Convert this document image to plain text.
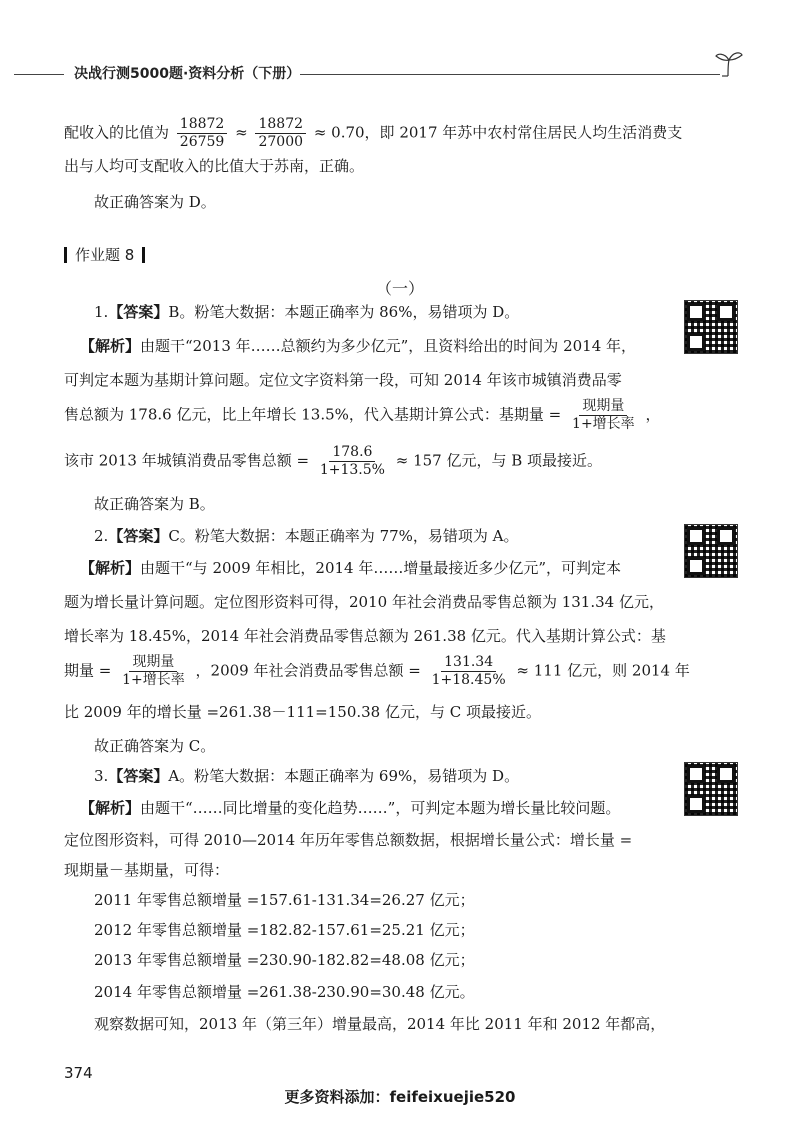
决战行测5000题·资料分析（下册）
配收入的比值为 $\frac{18872}{26759} \approx \frac{18872}{27000} \approx 0.70$，即 2017 年苏中农村常住居民人均生活消费支
出与人均可支配收入的比值大于苏南，正确。
故正确答案为 D。
作业题 8
（一）
1.【答案】B。粉笔大数据：本题正确率为 86%，易错项为 D。
【解析】由题干“2013 年……总额约为多少亿元”，且资料给出的时间为 2014 年，
可判定本题为基期计算问题。定位文字资料第一段，可知 2014 年该市城镇消费品零
售总额为 178.6 亿元，比上年增长 13.5%，代入基期计算公式：基期量 = $\frac{\text{现期量}}{\text{1+增长率}}$ ，
该市 2013 年城镇消费品零售总额 = $\frac{178.6}{1+13.5\%} \approx 157$ 亿元，与 B 项最接近。
故正确答案为 B。
2.【答案】C。粉笔大数据：本题正确率为 77%，易错项为 A。
【解析】由题干“与 2009 年相比，2014 年……增量最接近多少亿元”，可判定本
题为增长量计算问题。定位图形资料可得，2010 年社会消费品零售总额为 131.34 亿元，
增长率为 18.45%，2014 年社会消费品零售总额为 261.38 亿元。代入基期计算公式：基
期量 = $\frac{\text{现期量}}{\text{1+增长率}}$ ，2009 年社会消费品零售总额 = $\frac{131.34}{1+18.45\%} \approx 111$ 亿元，则 2014 年
比 2009 年的增长量 =261.38－111=150.38 亿元，与 C 项最接近。
故正确答案为 C。
3.【答案】A。粉笔大数据：本题正确率为 69%，易错项为 D。
【解析】由题干“……同比增量的变化趋势……”，可判定本题为增长量比较问题。
定位图形资料，可得 2010—2014 年历年零售总额数据，根据增长量公式：增长量 =
现期量－基期量，可得：
2011 年零售总额增量 =157.61-131.34=26.27 亿元；
2012 年零售总额增量 =182.82-157.61=25.21 亿元；
2013 年零售总额增量 =230.90-182.82=48.08 亿元；
2014 年零售总额增量 =261.38-230.90=30.48 亿元。
观察数据可知，2013 年（第三年）增量最高，2014 年比 2011 年和 2012 年都高，
374
更多资料添加：feifeixuejie520
